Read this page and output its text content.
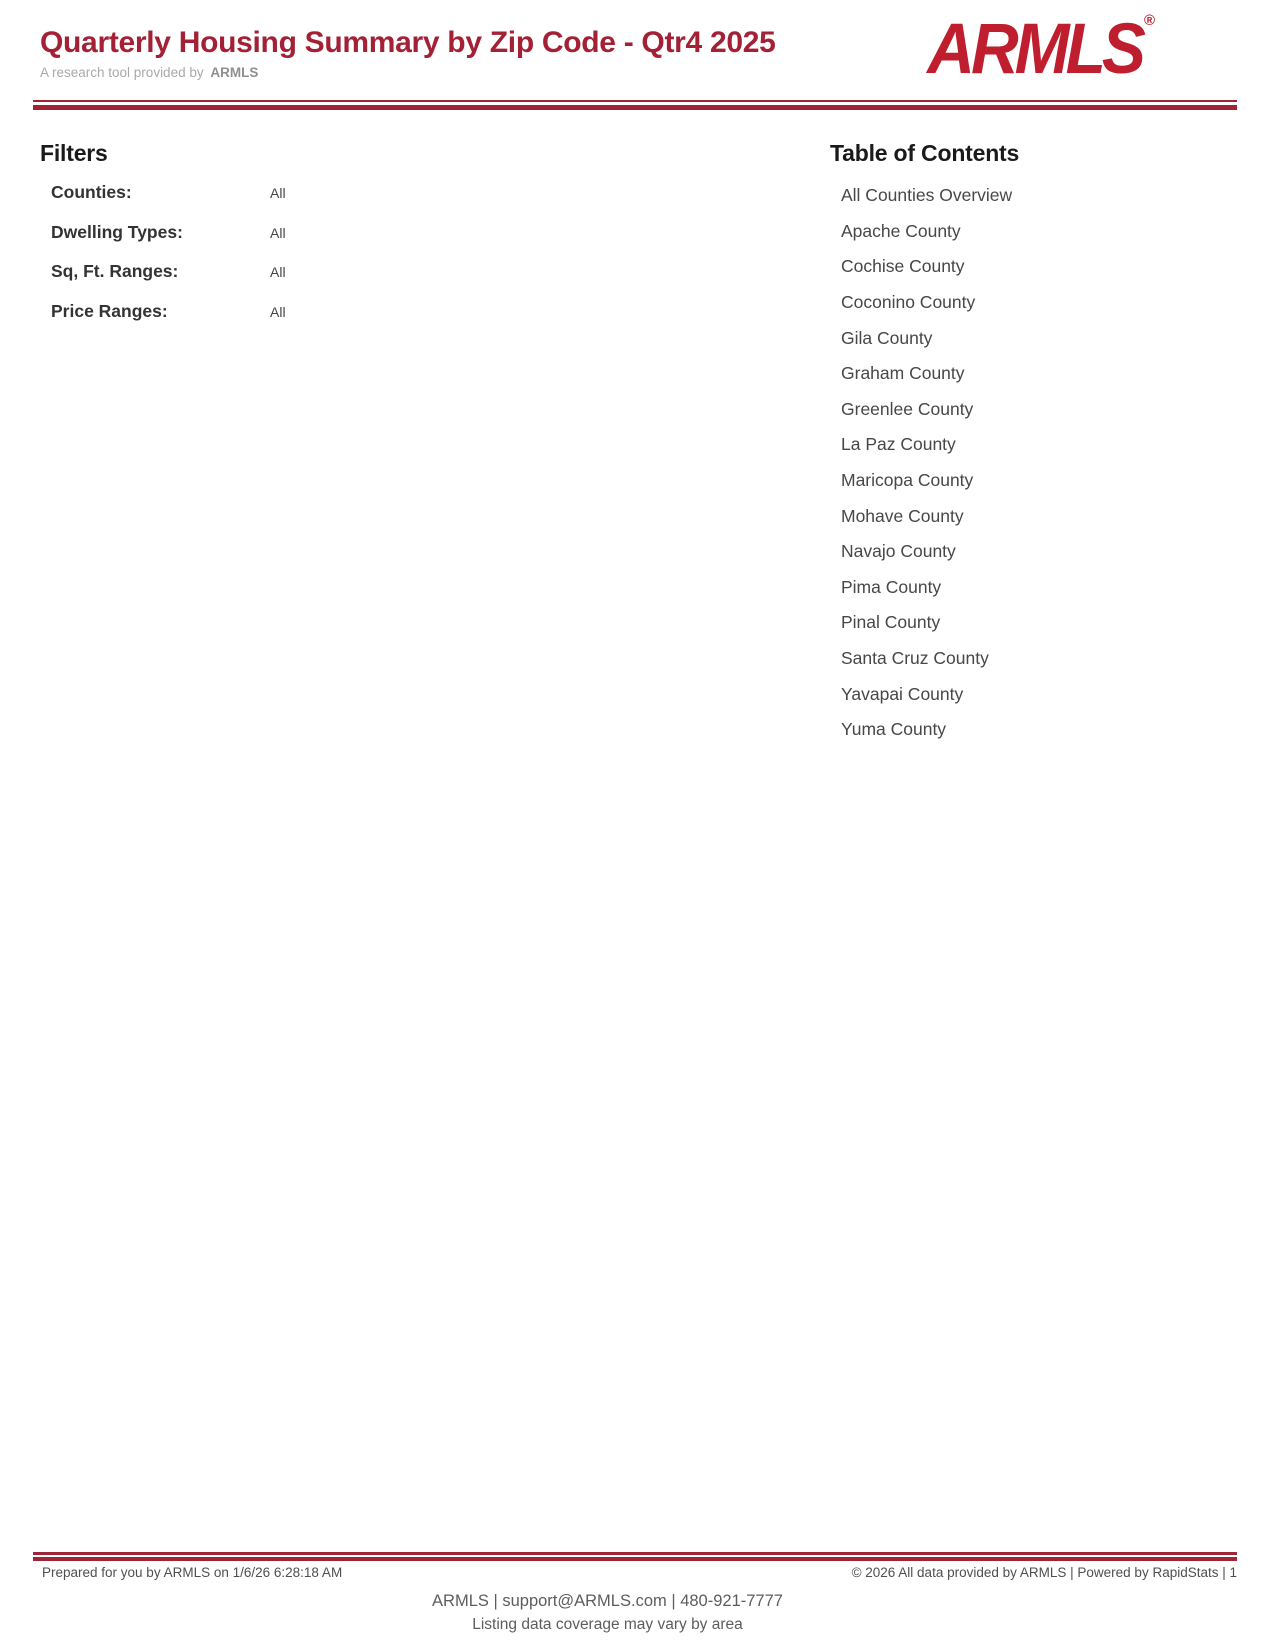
Quarterly Housing Summary by Zip Code - Qtr4 2025
A research tool provided by ARMLS	ARMLS ®
Filters
Counties:	All
Dwelling Types:	All
Sq, Ft. Ranges:	All
Price Ranges:	All
Table of Contents
All Counties Overview
Apache County
Cochise County
Coconino County
Gila County
Graham County
Greenlee County
La Paz County
Maricopa County
Mohave County
Navajo County
Pima County
Pinal County
Santa Cruz County
Yavapai County
Yuma County
Prepared for you by ARMLS on 1/6/26 6:28:18 AM	© 2026 All data provided by ARMLS | Powered by RapidStats | 1
ARMLS | support@ARMLS.com | 480-921-7777
Listing data coverage may vary by area
